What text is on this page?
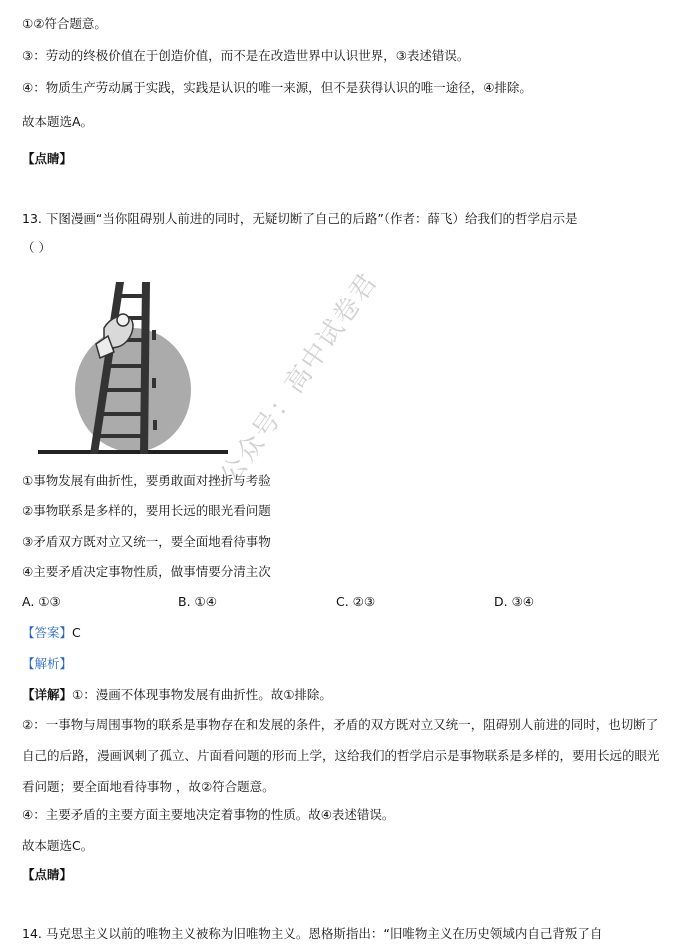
①②符合题意。
③：劳动的终极价值在于创造价值，而不是在改造世界中认识世界，③表述错误。
④：物质生产劳动属于实践，实践是认识的唯一来源，但不是获得认识的唯一途径，④排除。
故本题选A。
【点睛】
13. 下图漫画“当你阻碍别人前进的同时，无疑切断了自己的后路”（作者：薛飞）给我们的哲学启示是
（ ）
①事物发展有曲折性，要勇敢面对挫折与考验
②事物联系是多样的，要用长远的眼光看问题
③矛盾双方既对立又统一，要全面地看待事物
④主要矛盾决定事物性质，做事情要分清主次
A. ①③	B. ①④	C. ②③	D. ③④
【答案】C
【解析】
【详解】①：漫画不体现事物发展有曲折性。故①排除。
②：一事物与周围事物的联系是事物存在和发展的条件，矛盾的双方既对立又统一，阻碍别人前进的同时，也切断了自己的后路，漫画讽刺了孤立、片面看问题的形而上学，这给我们的哲学启示是事物联系是多样的，要用长远的眼光看问题；要全面地看待事物 ，故②符合题意。
④：主要矛盾的主要方面主要地决定着事物的性质。故④表述错误。
故本题选C。
【点睛】
14. 马克思主义以前的唯物主义被称为旧唯物主义。恩格斯指出：“旧唯物主义在历史领域内自己背叛了自
公众号：高中试卷君
